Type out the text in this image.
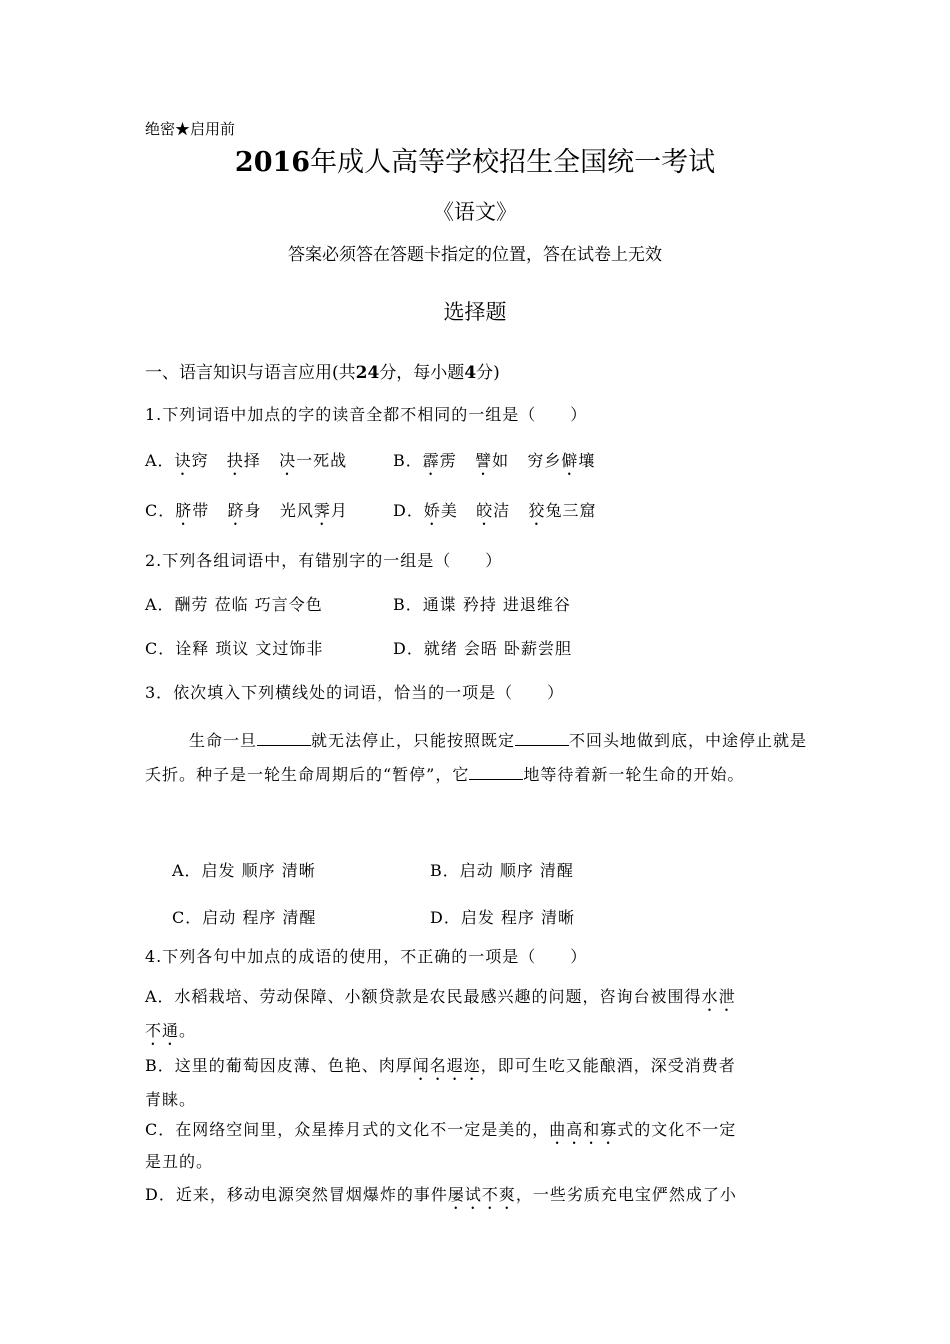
绝密★启用前
2016年成人高等学校招生全国统一考试
《语文》
答案必须答在答题卡指定的位置，答在试卷上无效
选择题
一、语言知识与语言应用(共24分，每小题4分)
1.下列词语中加点的字的读音全都不相同的一组是（　　）
A．诀窍 抉择 决一死战	B．霹雳 譬如 穷乡僻壤
C．脐带 跻身 光风霁月	D．娇美 皎洁 狡兔三窟
2.下列各组词语中，有错别字的一组是（　　）
A．酬劳 莅临 巧言令色	B．通谍 矜持 进退维谷
C．诠释 琐议 文过饰非	D．就绪 会晤 卧薪尝胆
3．依次填入下列横线处的词语，恰当的一项是（　　）
生命一旦	就无法停止，只能按照既定	不回头地做到底，中途停止就是夭折。种子是一轮生命周期后的“暂停”，它	地等待着新一轮生命的开始。
A．启发 顺序 清晰	B．启动 顺序 清醒
C．启动 程序 清醒	D．启发 程序 清晰
4.下列各句中加点的成语的使用，不正确的一项是（　　）
A．水稻栽培、劳动保障、小额贷款是农民最感兴趣的问题，咨询台被围得水泄
不通。
B．这里的葡萄因皮薄、色艳、肉厚闻名遐迩，即可生吃又能酿酒，深受消费者
青睐。
C．在网络空间里，众星捧月式的文化不一定是美的，曲高和寡式的文化不一定
是丑的。
D．近来，移动电源突然冒烟爆炸的事件屡试不爽，一些劣质充电宝俨然成了小
